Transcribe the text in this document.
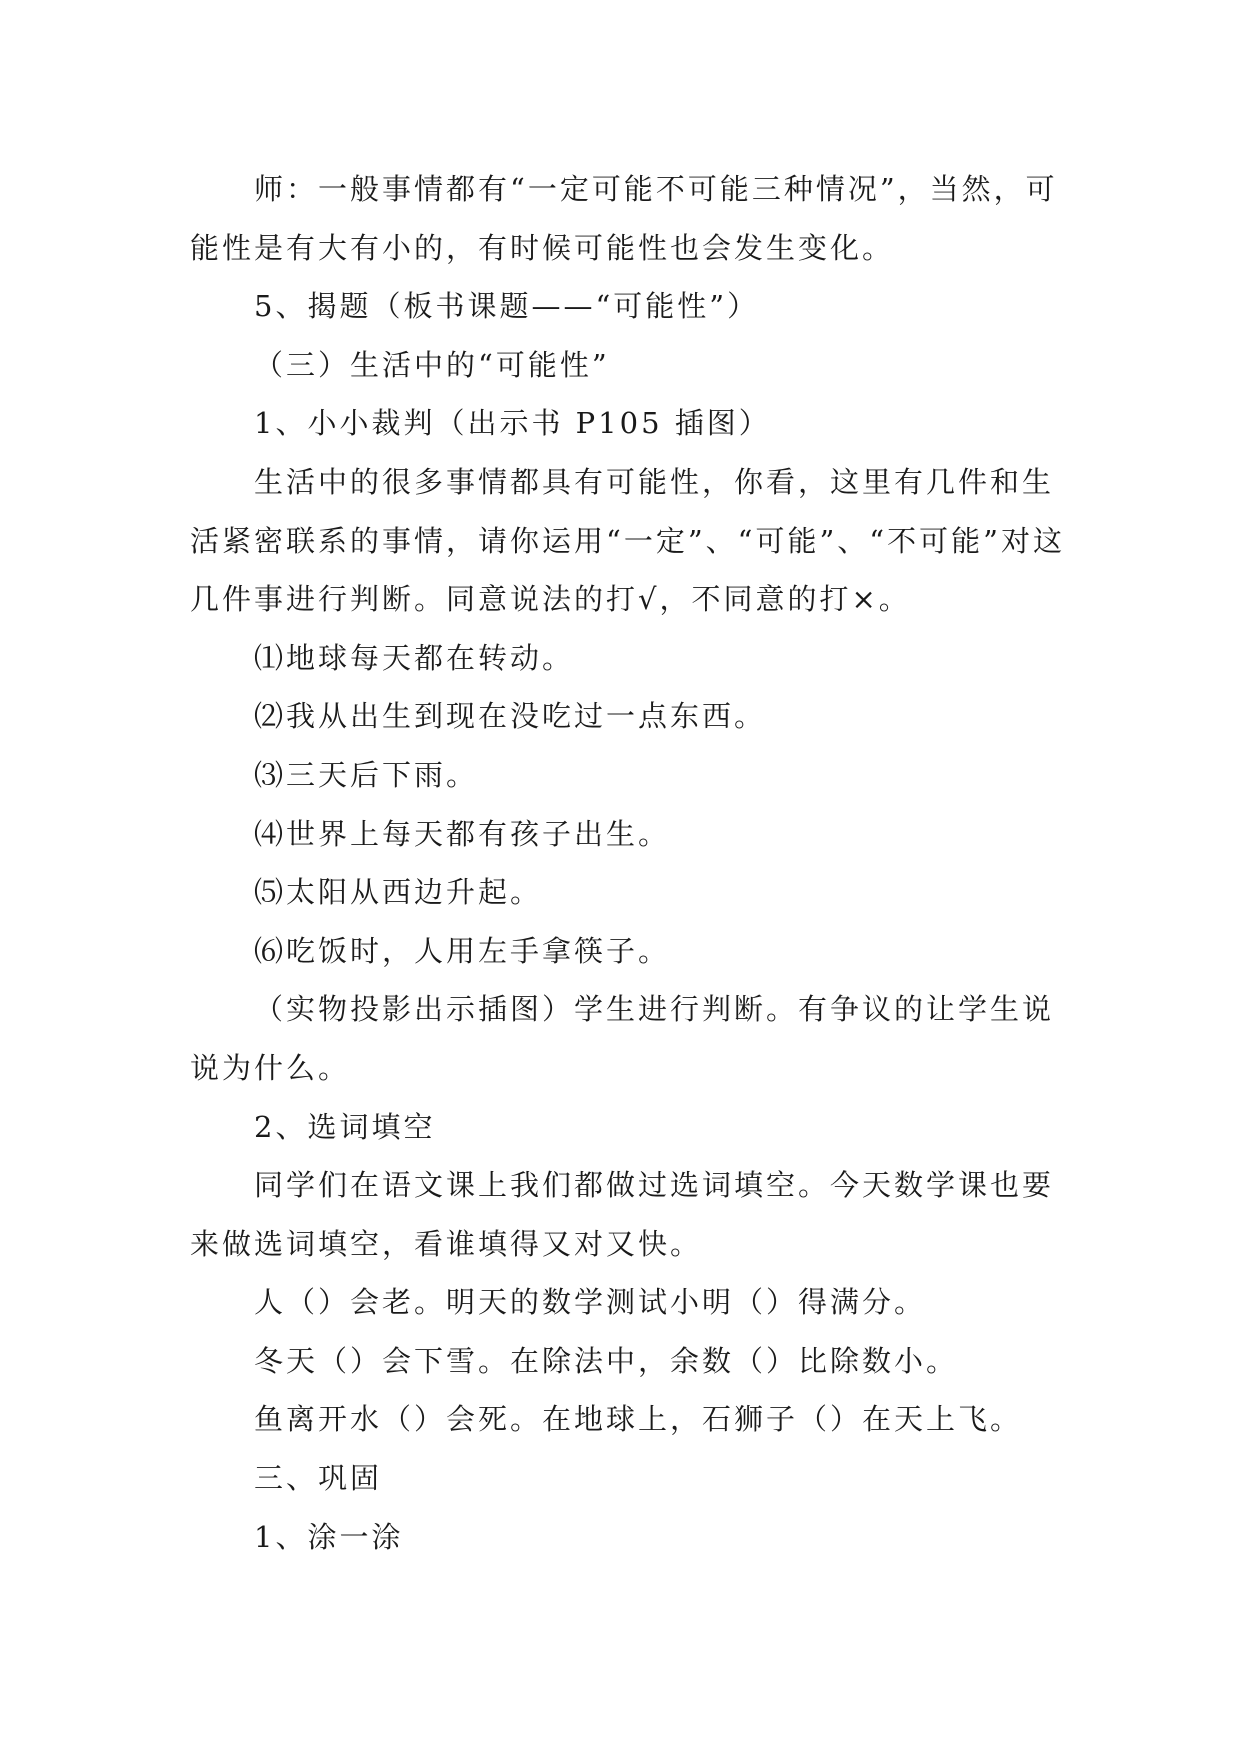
师：一般事情都有“一定可能不可能三种情况”，当然，可能性是有大有小的，有时候可能性也会发生变化。

5、揭题（板书课题——“可能性”）

（三）生活中的“可能性”

1、小小裁判（出示书 P105 插图）

生活中的很多事情都具有可能性，你看，这里有几件和生活紧密联系的事情，请你运用“一定”、“可能”、“不可能”对这几件事进行判断。同意说法的打√，不同意的打×。

⑴地球每天都在转动。

⑵我从出生到现在没吃过一点东西。

⑶三天后下雨。

⑷世界上每天都有孩子出生。

⑸太阳从西边升起。

⑹吃饭时，人用左手拿筷子。

（实物投影出示插图）学生进行判断。有争议的让学生说说为什么。

2、选词填空

同学们在语文课上我们都做过选词填空。今天数学课也要来做选词填空，看谁填得又对又快。

人（）会老。明天的数学测试小明（）得满分。

冬天（）会下雪。在除法中，余数（）比除数小。

鱼离开水（）会死。在地球上，石狮子（）在天上飞。

三、巩固

1、涂一涂
